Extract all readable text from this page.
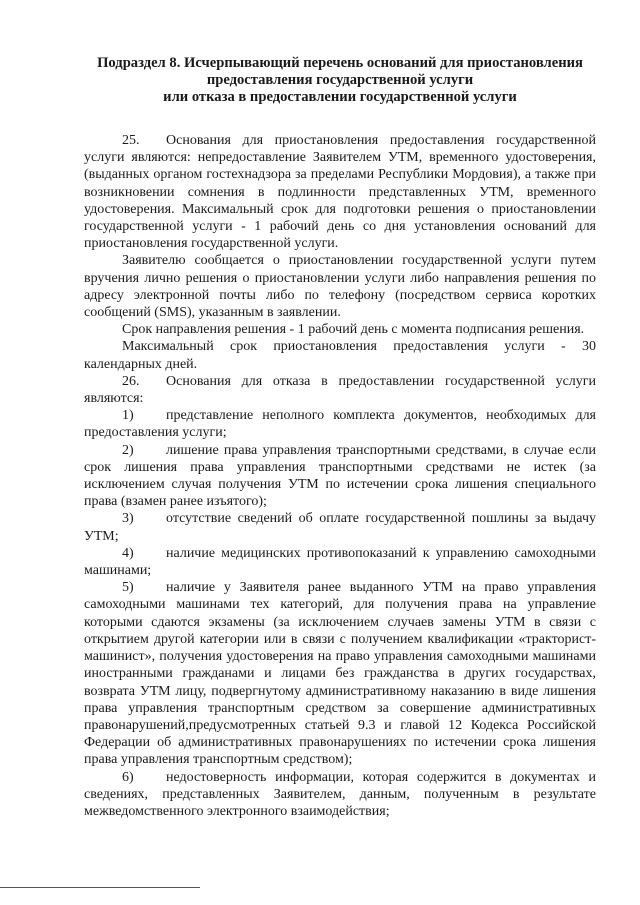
Подраздел 8. Исчерпывающий перечень оснований для приостановления
предоставления государственной услуги
или отказа в предоставлении государственной услуги

25. Основания для приостановления предоставления государственной услуги являются: непредоставление Заявителем УТМ, временного удостоверения, (выданных органом гостехнадзора за пределами Республики Мордовия), а также при возникновении сомнения в подлинности представленных УТМ, временного удостоверения. Максимальный срок для подготовки решения о приостановлении государственной услуги - 1 рабочий день со дня установления оснований для приостановления государственной услуги.

Заявителю сообщается о приостановлении государственной услуги путем вручения лично решения о приостановлении услуги либо направления решения по адресу электронной почты либо по телефону (посредством сервиса коротких сообщений (SMS), указанным в заявлении.

Срок направления решения - 1 рабочий день с момента подписания решения.

Максимальный срок приостановления предоставления услуги - 30 календарных дней.

26. Основания для отказа в предоставлении государственной услуги являются:

1) представление неполного комплекта документов, необходимых для предоставления услуги;

2) лишение права управления транспортными средствами, в случае если срок лишения права управления транспортными средствами не истек (за исключением случая получения УТМ по истечении срока лишения специального права (взамен ранее изъятого);

3) отсутствие сведений об оплате государственной пошлины за выдачу УТМ;

4) наличие медицинских противопоказаний к управлению самоходными машинами;

5) наличие у Заявителя ранее выданного УТМ на право управления самоходными машинами тех категорий, для получения права на управление которыми сдаются экзамены (за исключением случаев замены УТМ в связи с открытием другой категории или в связи с получением квалификации «тракторист-машинист», получения удостоверения на право управления самоходными машинами иностранными гражданами и лицами без гражданства в других государствах, возврата УТМ лицу, подвергнутому административному наказанию в виде лишения права управления транспортным средством за совершение административных правонарушений,предусмотренных статьей 9.3 и главой 12 Кодекса Российской Федерации об административных правонарушениях по истечении срока лишения права управления транспортным средством);

6) недостоверность информации, которая содержится в документах и сведениях, представленных Заявителем, данным, полученным в результате межведомственного электронного взаимодействия;
